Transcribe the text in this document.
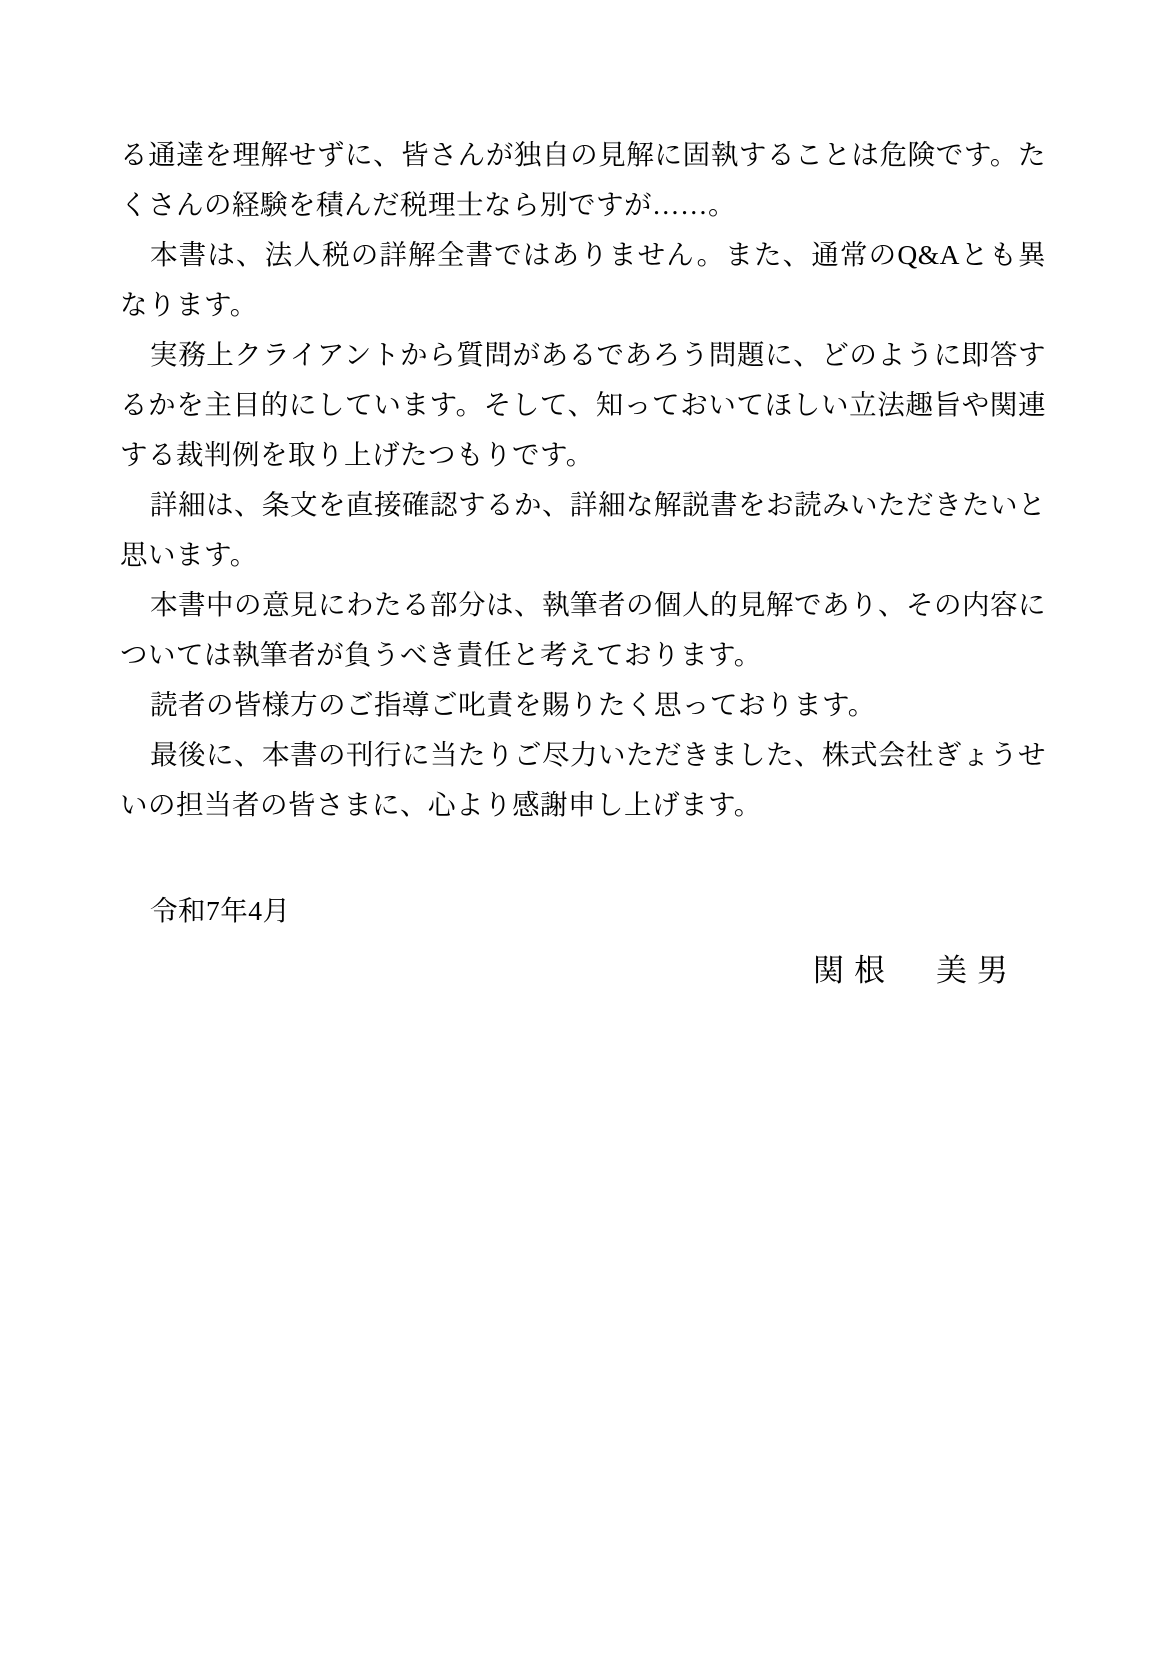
る通達を理解せずに、皆さんが独自の見解に固執することは危険です。たくさんの経験を積んだ税理士なら別ですが……。

本書は、法人税の詳解全書ではありません。また、通常のQ&Aとも異なります。

実務上クライアントから質問があるであろう問題に、どのように即答するかを主目的にしています。そして、知っておいてほしい立法趣旨や関連する裁判例を取り上げたつもりです。

詳細は、条文を直接確認するか、詳細な解説書をお読みいただきたいと思います。

本書中の意見にわたる部分は、執筆者の個人的見解であり、その内容については執筆者が負うべき責任と考えております。

読者の皆様方のご指導ご叱責を賜りたく思っております。

最後に、本書の刊行に当たりご尽力いただきました、株式会社ぎょうせいの担当者の皆さまに、心より感謝申し上げます。

令和7年4月
関根　美男
